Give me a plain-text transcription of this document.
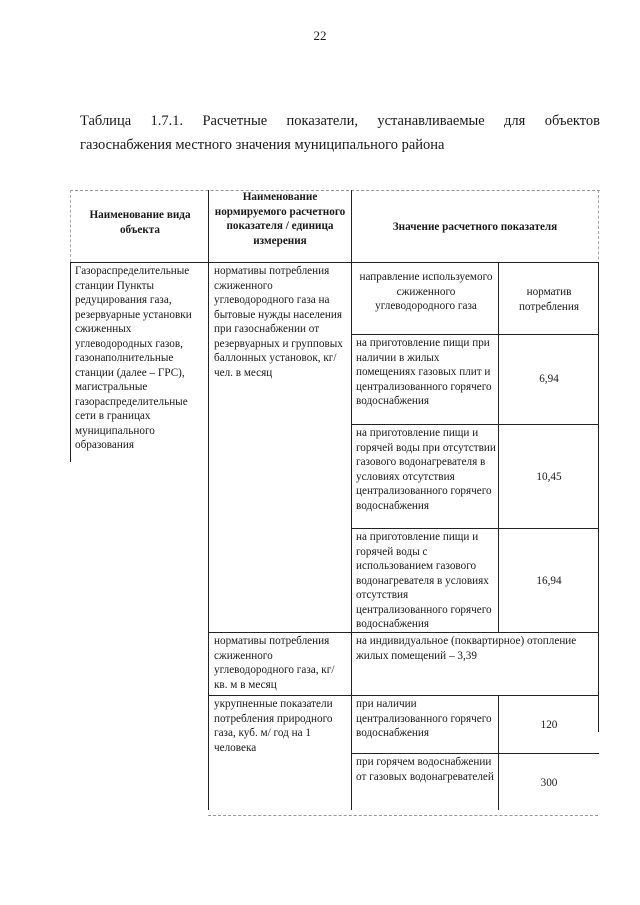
22
Таблица 1.7.1. Расчетные показатели, устанавливаемые для объектов
газоснабжения местного значения муниципального района
Наименование вида объекта
Наименование нормируемого расчетного показателя / единица измерения
Значение расчетного показателя
Газораспределительные станции Пункты редуцирования газа, резервуарные установки сжиженных углеводородных газов, газонаполнительные станции (далее – ГРС), магистральные газораспределительные сети в границах муниципального образования
нормативы потребления сжиженного углеводородного газа на бытовые нужды населения при газоснабжении от резервуарных и групповых баллонных установок, кг/ чел. в месяц
направление используемого сжиженного углеводородного газа
норматив потребления
на приготовление пищи при наличии в жилых помещениях газовых плит и централизованного горячего водоснабжения
6,94
на приготовление пищи и горячей воды при отсутствии газового водонагревателя в условиях отсутствия централизованного горячего водоснабжения
10,45
на приготовление пищи и горячей воды с использованием газового водонагревателя в условиях отсутствия централизованного горячего водоснабжения
16,94
нормативы потребления сжиженного углеводородного газа, кг/ кв. м в месяц
на индивидуальное (поквартирное) отопление жилых помещений – 3,39
укрупненные показатели потребления природного газа, куб. м/ год на 1 человека
при наличии централизованного горячего водоснабжения
120
при горячем водоснабжении от газовых водонагревателей
300
